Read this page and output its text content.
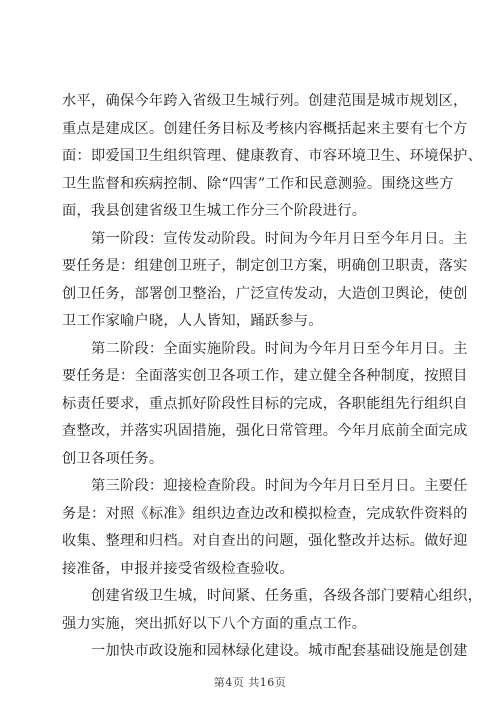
水平，确保今年跨入省级卫生城行列。创建范围是城市规划区，
重点是建成区。创建任务目标及考核内容概括起来主要有七个方
面：即爱国卫生组织管理、健康教育、市容环境卫生、环境保护、
卫生监督和疾病控制、除“四害”工作和民意测验。围绕这些方
面，我县创建省级卫生城工作分三个阶段进行。
　　第一阶段：宣传发动阶段。时间为今年月日至今年月日。主
要任务是：组建创卫班子，制定创卫方案，明确创卫职责，落实
创卫任务，部署创卫整治，广泛宣传发动，大造创卫舆论，使创
卫工作家喻户晓，人人皆知，踊跃参与。
　　第二阶段：全面实施阶段。时间为今年月日至今年月日。主
要任务是：全面落实创卫各项工作，建立健全各种制度，按照目
标责任要求，重点抓好阶段性目标的完成，各职能组先行组织自
查整改，并落实巩固措施，强化日常管理。今年月底前全面完成
创卫各项任务。
　　第三阶段：迎接检查阶段。时间为今年月日至月日。主要任
务是：对照《标准》组织边查边改和模拟检查，完成软件资料的
收集、整理和归档。对自查出的问题，强化整改并达标。做好迎
接准备，申报并接受省级检查验收。
　　创建省级卫生城，时间紧、任务重，各级各部门要精心组织，
强力实施，突出抓好以下八个方面的重点工作。
　　一加快市政设施和园林绿化建设。城市配套基础设施是创建

第4页 共16页
